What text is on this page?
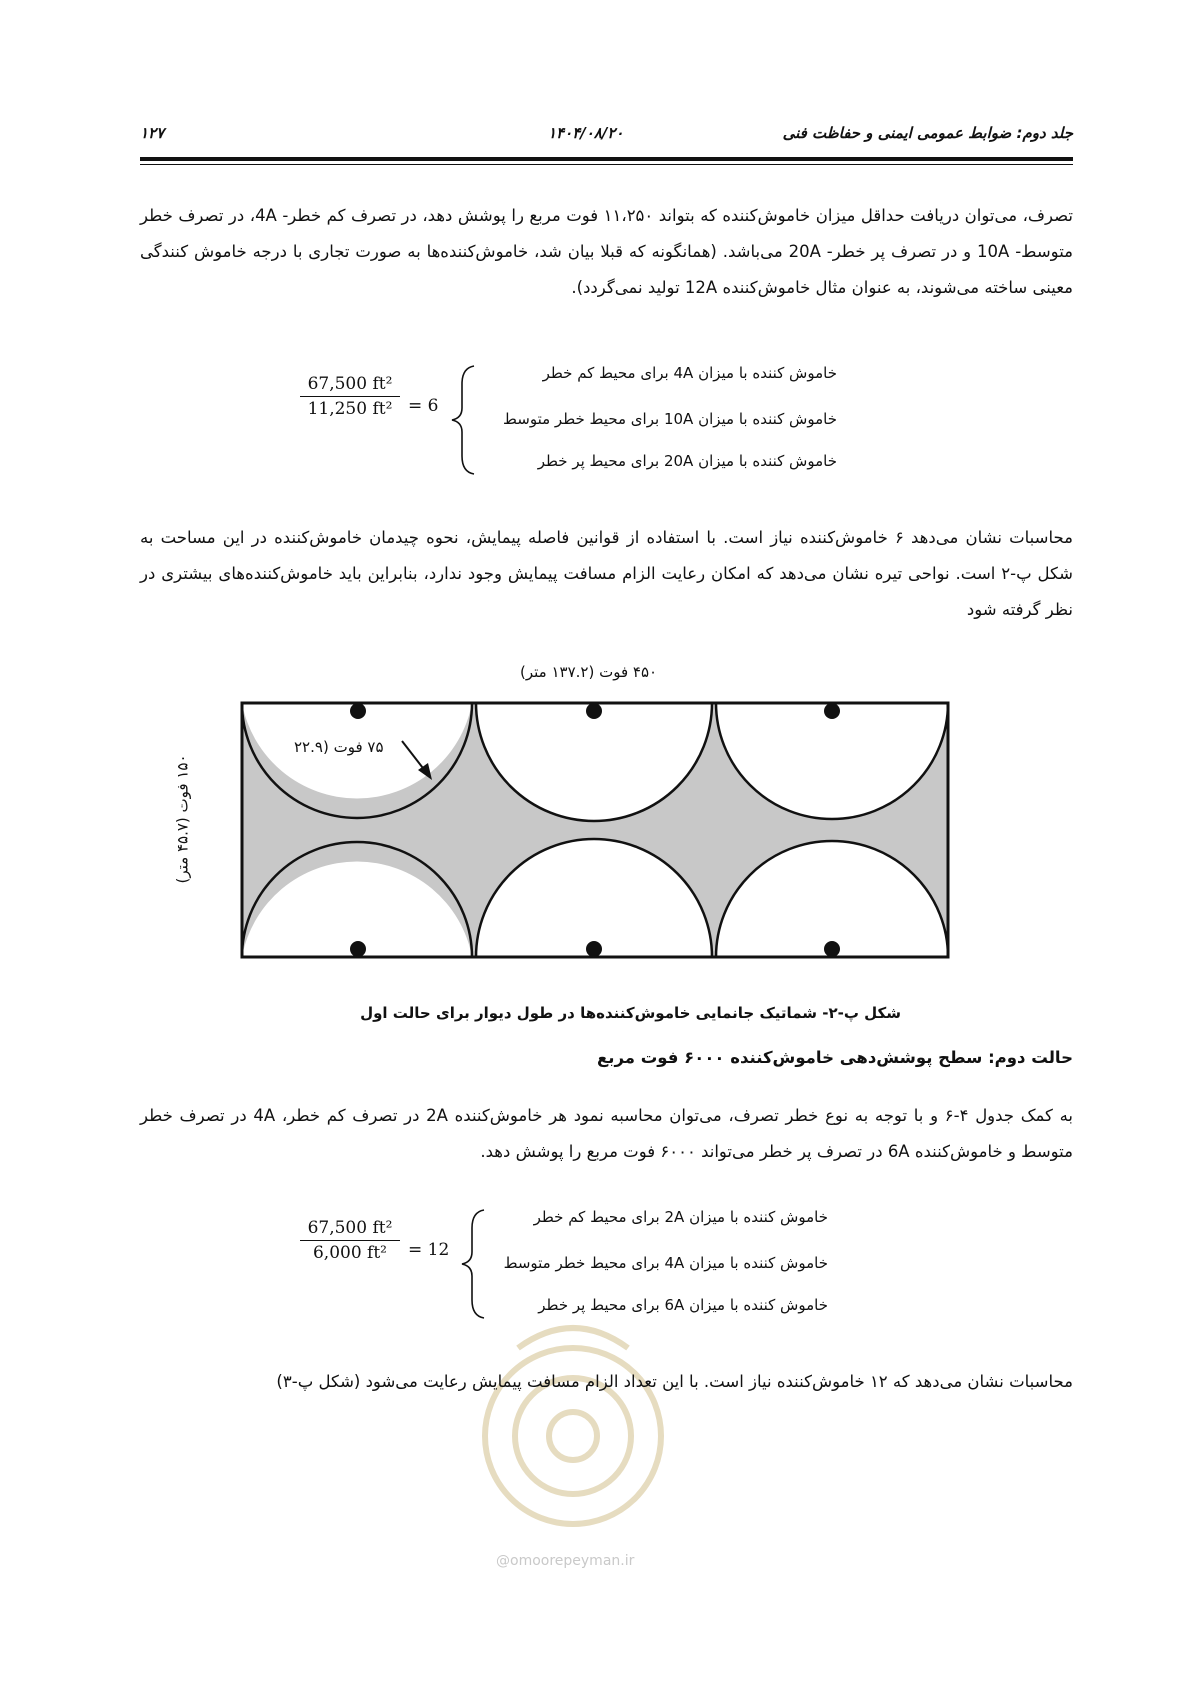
جلد دوم: ضوابط عمومی ایمنی و حفاظت فنی
۱۴۰۴/۰۸/۲۰
۱۲۷
تصرف، می‌توان دریافت حداقل میزان خاموش‌کننده که بتواند ۱۱،۲۵۰ فوت مربع را پوشش دهد، در تصرف کم خطر- 4A، در تصرف خطر متوسط- 10A و در تصرف پر خطر- 20A می‌باشد. (همانگونه که قبلا بیان شد، خاموش‌کننده‌ها به صورت تجاری با درجه خاموش کنندگی معینی ساخته می‌شوند، به عنوان مثال خاموش‌کننده 12A تولید نمی‌گردد).
$\frac{\text{67,500 ft²}}{\text{11,250 ft²}} = 6$
خاموش کننده با میزان 4A برای محیط کم خطر
خاموش کننده با میزان 10A برای محیط خطر متوسط
خاموش کننده با میزان 20A برای محیط پر خطر
محاسبات نشان می‌دهد ۶ خاموش‌کننده نیاز است. با استفاده از قوانین فاصله پیمایش، نحوه چیدمان خاموش‌کننده در این مساحت به شکل پ-۲ است. نواحی تیره نشان می‌دهد که امکان رعایت الزام مسافت پیمایش وجود ندارد، بنابراین باید خاموش‌کننده‌های بیشتری در نظر گرفته شود
۴۵۰ فوت (۱۳۷.۲ متر)
۱۵۰ فوت (۴۵.۷ متر)
۷۵ فوت (۲۲.۹
شکل پ-۲- شماتیک جانمایی خاموش‌کننده‌ها در طول دیوار برای حالت اول
حالت دوم: سطح پوشش‌دهی خاموش‌کننده ۶۰۰۰ فوت مربع
به کمک جدول ۴-۶ و با توجه به نوع خطر تصرف، می‌توان محاسبه نمود هر خاموش‌کننده 2A در تصرف کم خطر، 4A در تصرف خطر متوسط و خاموش‌کننده 6A در تصرف پر خطر می‌تواند ۶۰۰۰ فوت مربع را پوشش دهد.
$\frac{\text{67,500 ft²}}{\text{6,000 ft²}} = 12$
خاموش کننده با میزان 2A برای محیط کم خطر
خاموش کننده با میزان 4A برای محیط خطر متوسط
خاموش کننده با میزان 6A برای محیط پر خطر
محاسبات نشان می‌دهد که ۱۲ خاموش‌کننده نیاز است. با این تعداد الزام مسافت پیمایش رعایت می‌شود (شکل پ-۳)
@omoorepeyman.ir
